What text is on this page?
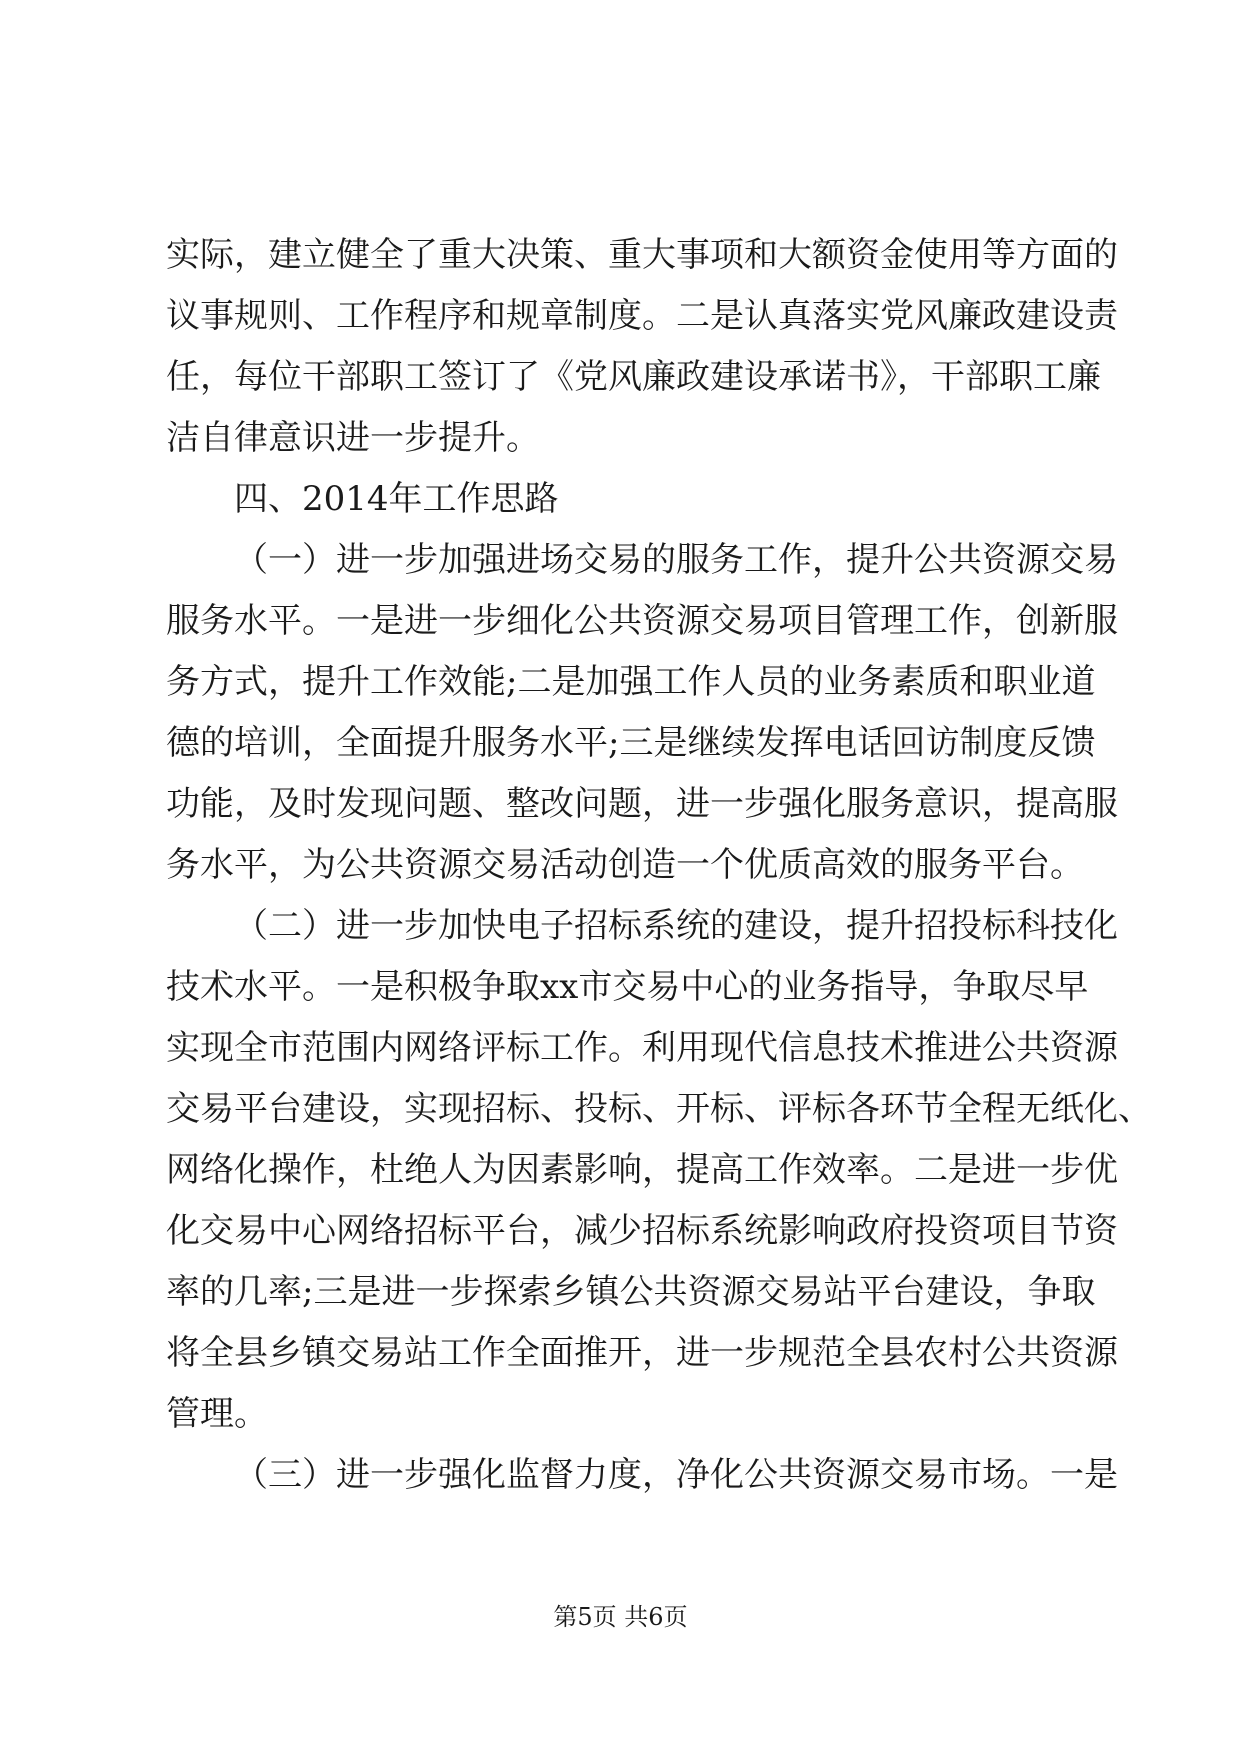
实际，建立健全了重大决策、重大事项和大额资金使用等方面的
议事规则、工作程序和规章制度。二是认真落实党风廉政建设责
任，每位干部职工签订了《党风廉政建设承诺书》，干部职工廉
洁自律意识进一步提升。
四、2014年工作思路
（一）进一步加强进场交易的服务工作，提升公共资源交易
服务水平。一是进一步细化公共资源交易项目管理工作，创新服
务方式，提升工作效能;二是加强工作人员的业务素质和职业道
德的培训，全面提升服务水平;三是继续发挥电话回访制度反馈
功能，及时发现问题、整改问题，进一步强化服务意识，提高服
务水平，为公共资源交易活动创造一个优质高效的服务平台。
（二）进一步加快电子招标系统的建设，提升招投标科技化
技术水平。一是积极争取xx市交易中心的业务指导，争取尽早
实现全市范围内网络评标工作。利用现代信息技术推进公共资源
交易平台建设，实现招标、投标、开标、评标各环节全程无纸化、
网络化操作，杜绝人为因素影响，提高工作效率。二是进一步优
化交易中心网络招标平台，减少招标系统影响政府投资项目节资
率的几率;三是进一步探索乡镇公共资源交易站平台建设，争取
将全县乡镇交易站工作全面推开，进一步规范全县农村公共资源
管理。
（三）进一步强化监督力度，净化公共资源交易市场。一是
第5页 共6页
